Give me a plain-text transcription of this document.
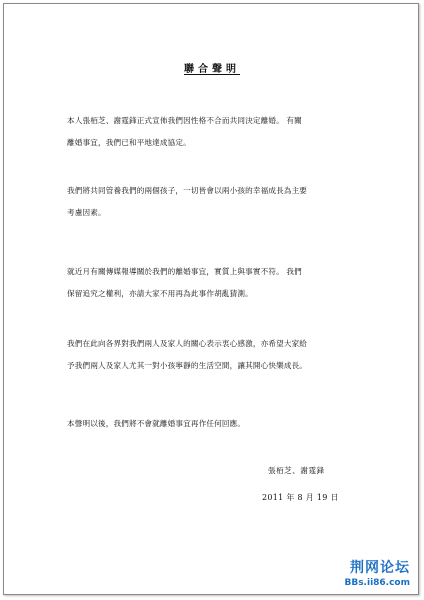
聯合聲明

本人張栢芝、謝霆鋒正式宣佈我們因性格不合而共同決定離婚。 有關
離婚事宜，我們已和平地達成協定。

我們將共同管養我們的兩個孩子，一切皆會以兩小孩的幸福成長為主要
考慮因素。

就近月有關傳媒報導關於我們的離婚事宜，實質上與事實不符。 我們
保留追究之權利，亦請大家不用再為此事作胡亂猜測。

我們在此向各界對我們兩人及家人的關心表示衷心感激，亦希望大家給
予我們兩人及家人尤其一對小孩寧靜的生活空間，讓其開心快樂成長。

本聲明以後，我們將不會就離婚事宜再作任何回應。

張栢芝、謝霆鋒
2011 年 8 月 19 日
荆网论坛
BBs.ii86.com
